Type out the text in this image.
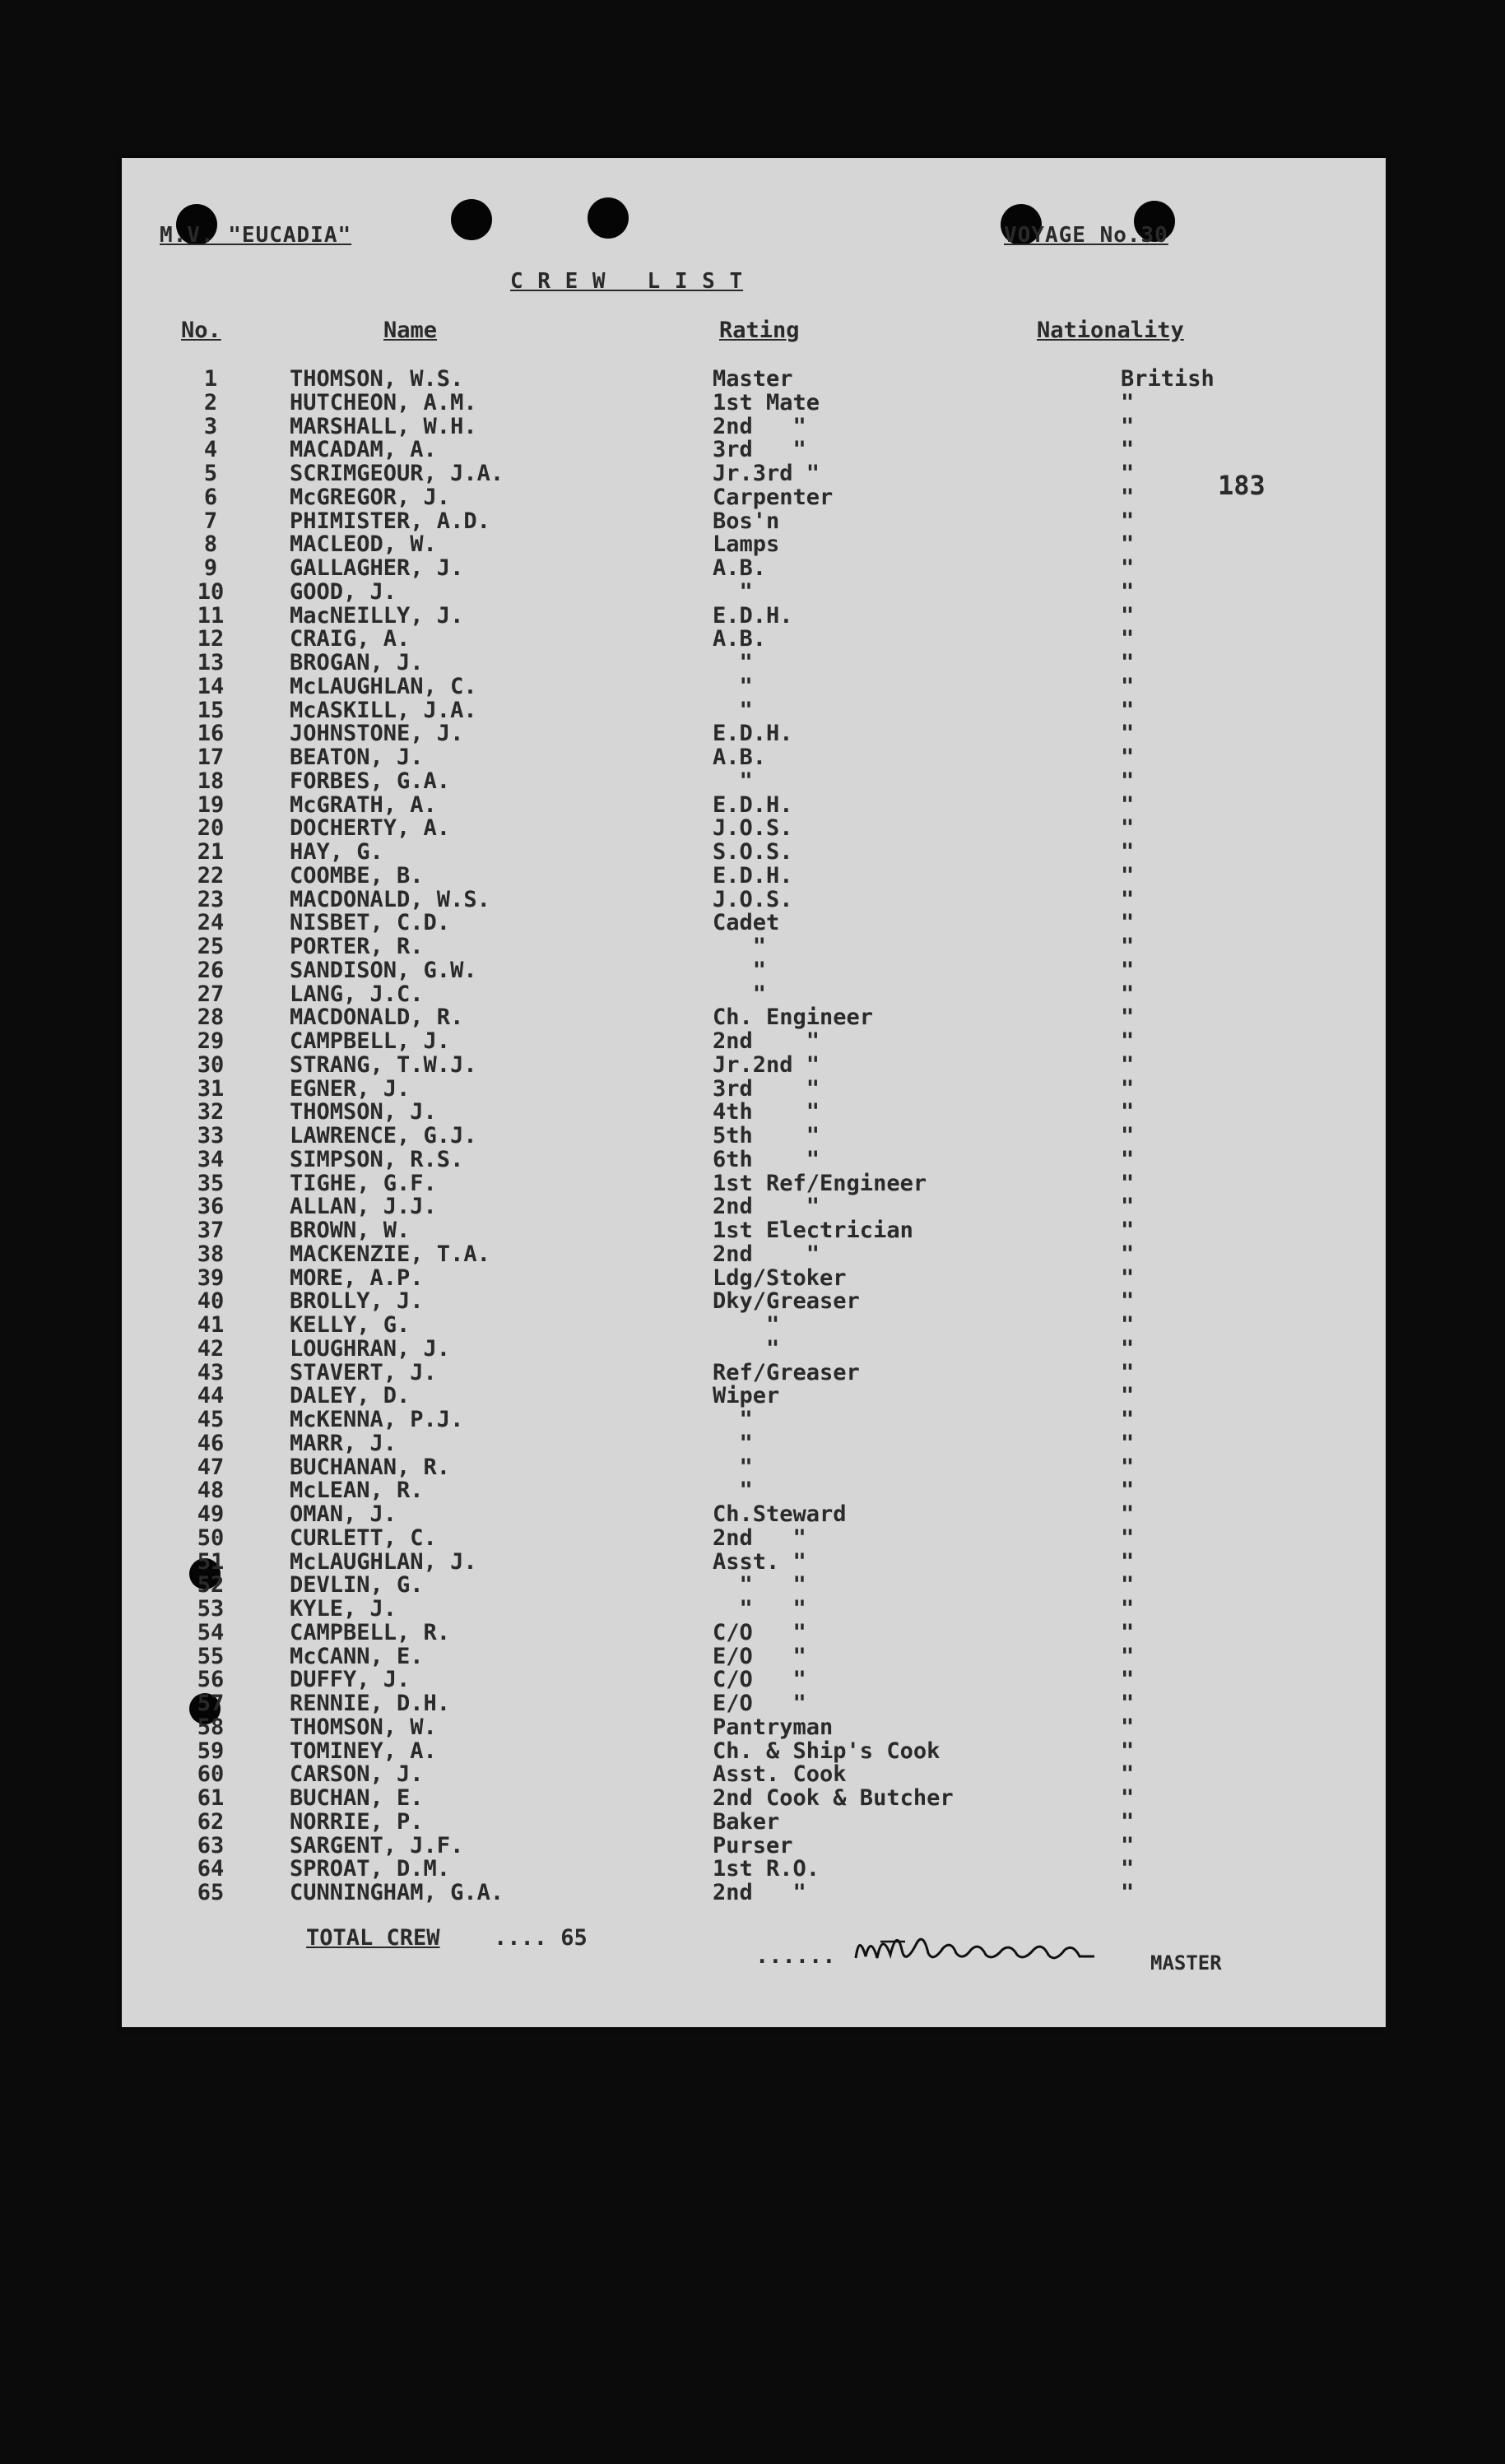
M.V. "EUCADIA"	VOYAGE No.30
C R E W   L I S T
183
No.	Name	Rating	Nationality
1	THOMSON, W.S.	Master	British
2	HUTCHEON, A.M.	1st Mate	"
3	MARSHALL, W.H.	2nd   "	"
4	MACADAM, A.	3rd   "	"
5	SCRIMGEOUR, J.A.	Jr.3rd "	"
6	McGREGOR, J.	Carpenter	"
7	PHIMISTER, A.D.	Bos'n	"
8	MACLEOD, W.	Lamps	"
9	GALLAGHER, J.	A.B.	"
10	GOOD, J.	"	"
11	MacNEILLY, J.	E.D.H.	"
12	CRAIG, A.	A.B.	"
13	BROGAN, J.	"	"
14	McLAUGHLAN, C.	"	"
15	McASKILL, J.A.	"	"
16	JOHNSTONE, J.	E.D.H.	"
17	BEATON, J.	A.B.	"
18	FORBES, G.A.	"	"
19	McGRATH, A.	E.D.H.	"
20	DOCHERTY, A.	J.O.S.	"
21	HAY, G.	S.O.S.	"
22	COOMBE, B.	E.D.H.	"
23	MACDONALD, W.S.	J.O.S.	"
24	NISBET, C.D.	Cadet	"
25	PORTER, R.	"	"
26	SANDISON, G.W.	"	"
27	LANG, J.C.	"	"
28	MACDONALD, R.	Ch. Engineer	"
29	CAMPBELL, J.	2nd    "	"
30	STRANG, T.W.J.	Jr.2nd "	"
31	EGNER, J.	3rd    "	"
32	THOMSON, J.	4th    "	"
33	LAWRENCE, G.J.	5th    "	"
34	SIMPSON, R.S.	6th    "	"
35	TIGHE, G.F.	1st Ref/Engineer	"
36	ALLAN, J.J.	2nd    "	"
37	BROWN, W.	1st Electrician	"
38	MACKENZIE, T.A.	2nd    "	"
39	MORE, A.P.	Ldg/Stoker	"
40	BROLLY, J.	Dky/Greaser	"
41	KELLY, G.	"	"
42	LOUGHRAN, J.	"	"
43	STAVERT, J.	Ref/Greaser	"
44	DALEY, D.	Wiper	"
45	McKENNA, P.J.	"	"
46	MARR, J.	"	"
47	BUCHANAN, R.	"	"
48	McLEAN, R.	"	"
49	OMAN, J.	Ch.Steward	"
50	CURLETT, C.	2nd   "	"
51	McLAUGHLAN, J.	Asst. "	"
52	DEVLIN, G.	"   "	"
53	KYLE, J.	"   "	"
54	CAMPBELL, R.	C/O   "	"
55	McCANN, E.	E/O   "	"
56	DUFFY, J.	C/O   "	"
57	RENNIE, D.H.	E/O   "	"
58	THOMSON, W.	Pantryman	"
59	TOMINEY, A.	Ch. & Ship's Cook	"
60	CARSON, J.	Asst. Cook	"
61	BUCHAN, E.	2nd Cook & Butcher	"
62	NORRIE, P.	Baker	"
63	SARGENT, J.F.	Purser	"
64	SPROAT, D.M.	1st R.O.	"
65	CUNNINGHAM, G.A.	2nd   "	"
TOTAL CREW .... 65
......	MASTER
